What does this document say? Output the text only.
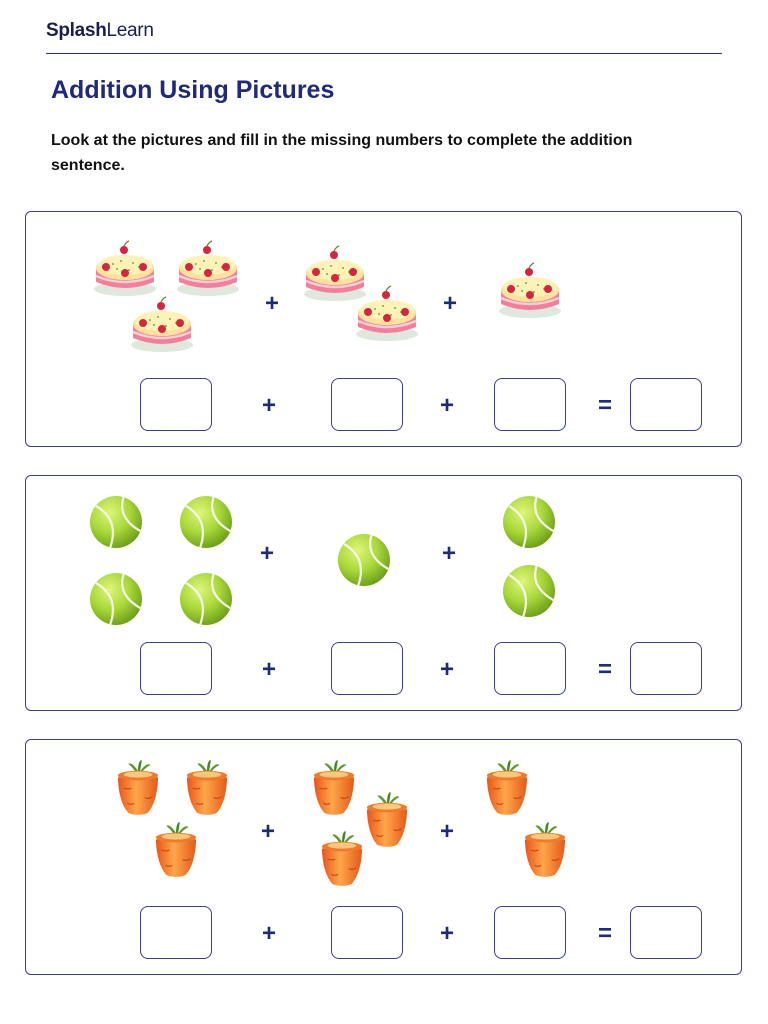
SplashLearn
Addition Using Pictures

Look at the pictures and fill in the missing numbers to complete the addition sentence.

+	+
+	+	=
+	+
+	+	=
+	+
+	+	=
